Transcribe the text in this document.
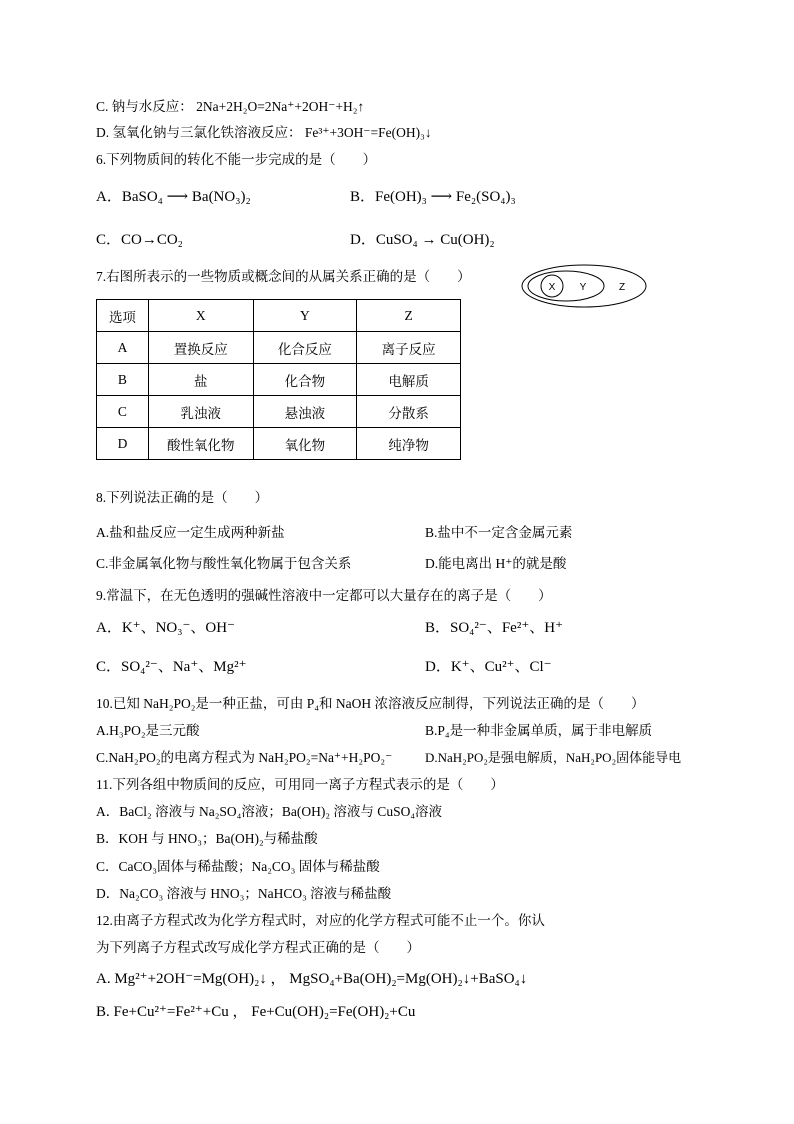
C. 钠与水反应： 2Na+2H₂O=2Na⁺+2OH⁻+H₂↑
D. 氢氧化钠与三氯化铁溶液反应： Fe³⁺+3OH⁻=Fe(OH)₃↓
6.下列物质间的转化不能一步完成的是（　　）
A．BaSO₄ ⟶ Ba(NO₃)₂	B．Fe(OH)₃ ⟶ Fe₂(SO₄)₃
C．CO→CO₂	D．CuSO₄ → Cu(OH)₂
7.右图所表示的一些物质或概念间的从属关系正确的是（　　）
X Y	Z
选项	X	Y	Z
A	置换反应	化合反应	离子反应
B	盐	化合物	电解质
C	乳浊液	悬浊液	分散系
D	酸性氧化物	氧化物	纯净物
8.下列说法正确的是（　　）
A.盐和盐反应一定生成两种新盐	B.盐中不一定含金属元素
C.非金属氧化物与酸性氧化物属于包含关系	D.能电离出 H⁺的就是酸
9.常温下，在无色透明的强碱性溶液中一定都可以大量存在的离子是（　　）
A．K⁺、NO₃⁻、OH⁻	B．SO₄²⁻、Fe²⁺、H⁺
C．SO₄²⁻、Na⁺、Mg²⁺	D．K⁺、Cu²⁺、Cl⁻
10.已知 NaH₂PO₂是一种正盐，可由 P₄和 NaOH 浓溶液反应制得，下列说法正确的是（　　）
A.H₃PO₂是三元酸	B.P₄是一种非金属单质，属于非电解质
C.NaH₂PO₂的电离方程式为 NaH₂PO₂=Na⁺+H₂PO₂⁻	D.NaH₂PO₂是强电解质，NaH₂PO₂固体能导电
11.下列各组中物质间的反应，可用同一离子方程式表示的是（　　）
A．BaCl₂ 溶液与 Na₂SO₄溶液；Ba(OH)₂ 溶液与 CuSO₄溶液
B．KOH 与 HNO₃；Ba(OH)₂与稀盐酸
C．CaCO₃固体与稀盐酸；Na₂CO₃ 固体与稀盐酸
D．Na₂CO₃ 溶液与 HNO₃；NaHCO₃ 溶液与稀盐酸
12.由离子方程式改为化学方程式时，对应的化学方程式可能不止一个。你认
为下列离子方程式改写成化学方程式正确的是（　　）
A. Mg²⁺+2OH⁻=Mg(OH)₂↓ ， MgSO₄+Ba(OH)₂=Mg(OH)₂↓+BaSO₄↓
B. Fe+Cu²⁺=Fe²⁺+Cu ， Fe+Cu(OH)₂=Fe(OH)₂+Cu
